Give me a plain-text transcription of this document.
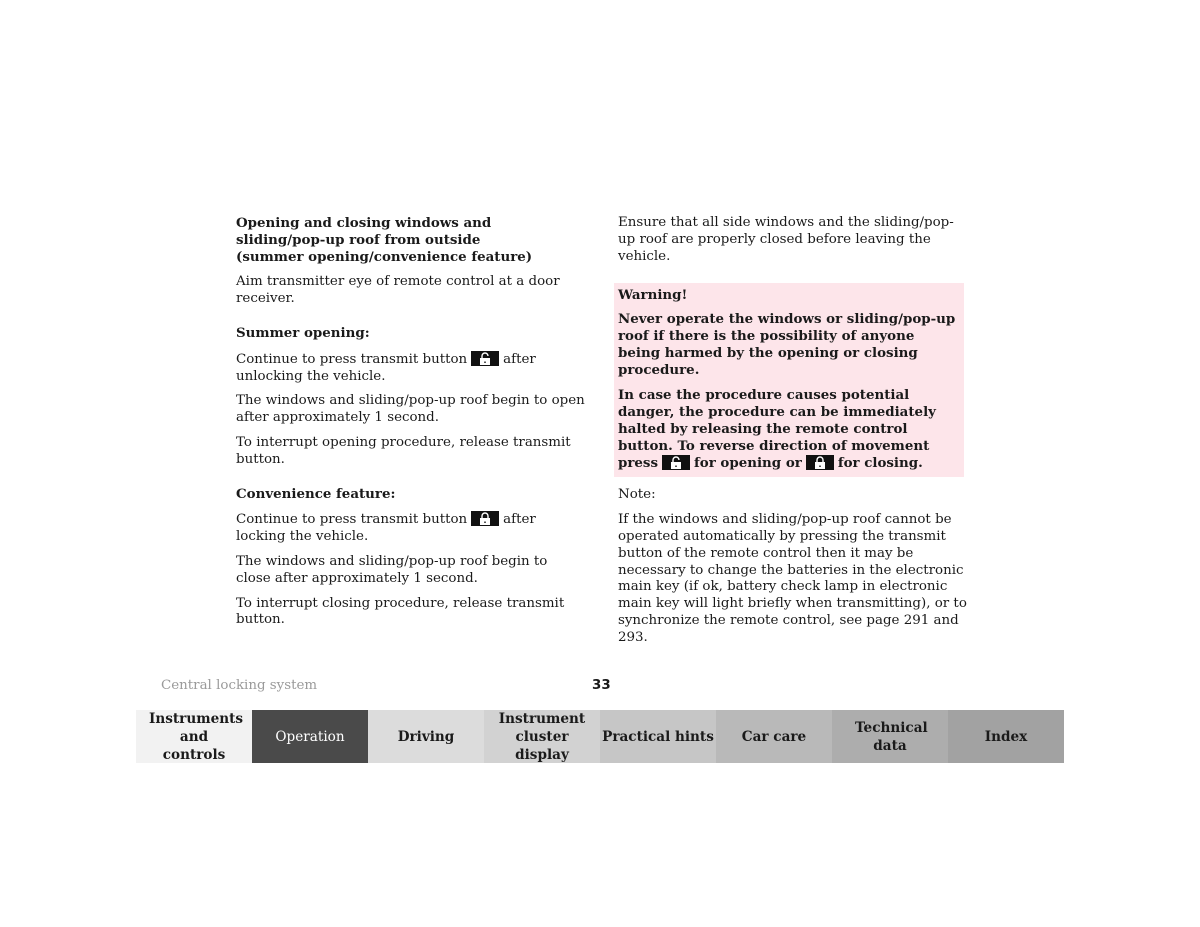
Opening and closing windows and
sliding/pop-up roof from outside
(summer opening/convenience feature)

Aim transmitter eye of remote control at a door receiver.

Summer opening:

Continue to press transmit button	after unlocking the vehicle.

The windows and sliding/pop-up roof begin to open after approximately 1 second.

To interrupt opening procedure, release transmit button.

Convenience feature:

Continue to press transmit button	after locking the vehicle.

The windows and sliding/pop-up roof begin to close after approximately 1 second.

To interrupt closing procedure, release transmit button.

Ensure that all side windows and the sliding/pop-up roof are properly closed before leaving the vehicle.

Warning!

Never operate the windows or sliding/pop-up roof if there is the possibility of anyone being harmed by the opening or closing procedure.

In case the procedure causes potential danger, the procedure can be immediately halted by releasing the remote control button. To reverse direction of movement press	for opening or	for closing.

Note:

If the windows and sliding/pop-up roof cannot be operated automatically by pressing the transmit button of the remote control then it may be necessary to change the batteries in the electronic main key (if ok, battery check lamp in electronic main key will light briefly when transmitting), or to synchronize the remote control, see page 291 and 293.

Central locking system	33
Instruments and controls
Operation	Driving
Instrument cluster display
Practical hints Car care
Technical data
Index
